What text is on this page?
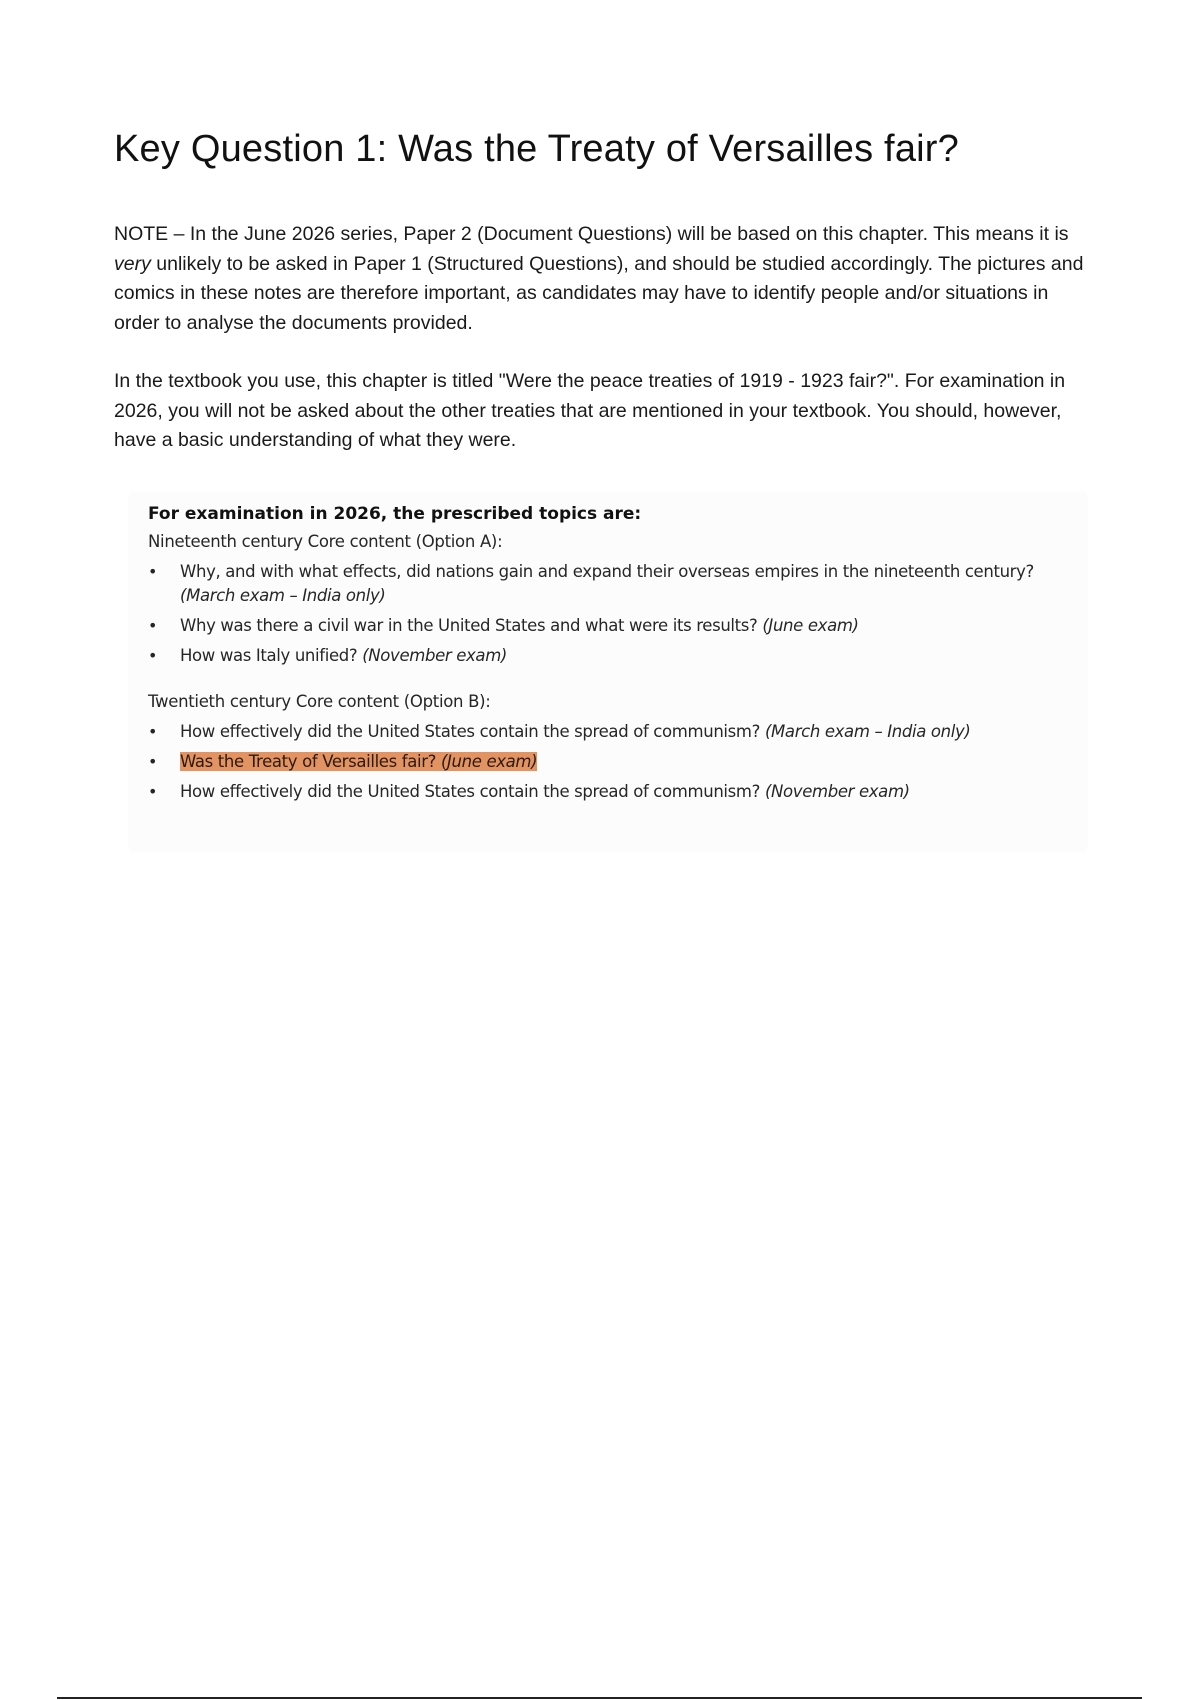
Key Question 1: Was the Treaty of Versailles fair?

NOTE – In the June 2026 series, Paper 2 (Document Questions) will be based on this chapter. This means it is very unlikely to be asked in Paper 1 (Structured Questions), and should be studied accordingly. The pictures and comics in these notes are therefore important, as candidates may have to identify people and/or situations in order to analyse the documents provided.

In the textbook you use, this chapter is titled "Were the peace treaties of 1919 - 1923 fair?". For examination in 2026, you will not be asked about the other treaties that are mentioned in your textbook. You should, however, have a basic understanding of what they were.

For examination in 2026, the prescribed topics are:

Nineteenth century Core content (Option A):

• Why, and with what effects, did nations gain and expand their overseas empires in the nineteenth century? (March exam – India only)
• Why was there a civil war in the United States and what were its results? (June exam)
• How was Italy unified? (November exam)

Twentieth century Core content (Option B):

• How effectively did the United States contain the spread of communism? (March exam – India only)
• Was the Treaty of Versailles fair? (June exam)
• How effectively did the United States contain the spread of communism? (November exam)
